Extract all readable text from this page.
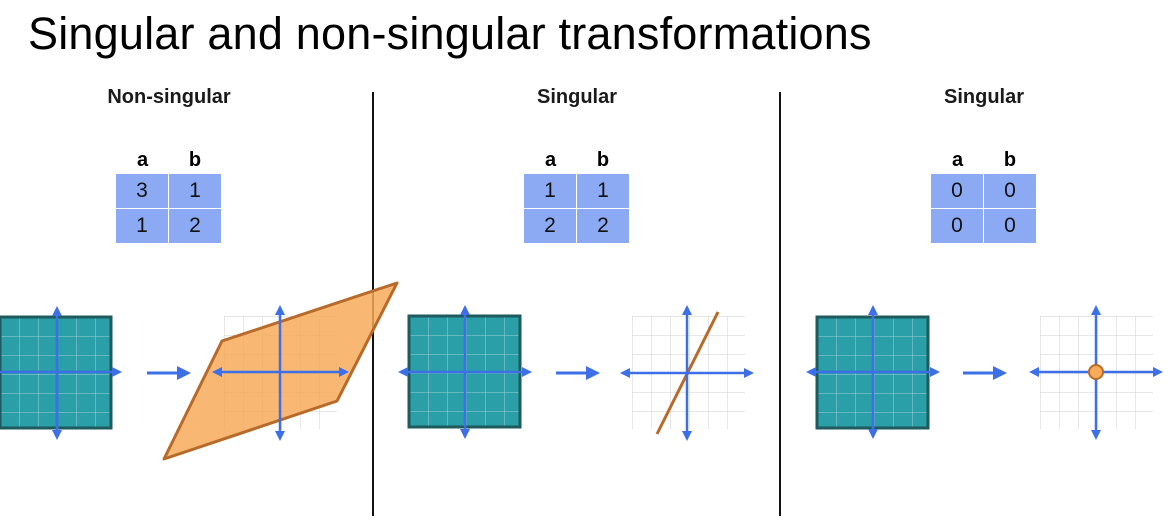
Singular and non-singular transformations
Non-singular	Singular	Singular
a	b
3	1
1	2
a	b
1	1
2	2
a	b
0	0
0	0
